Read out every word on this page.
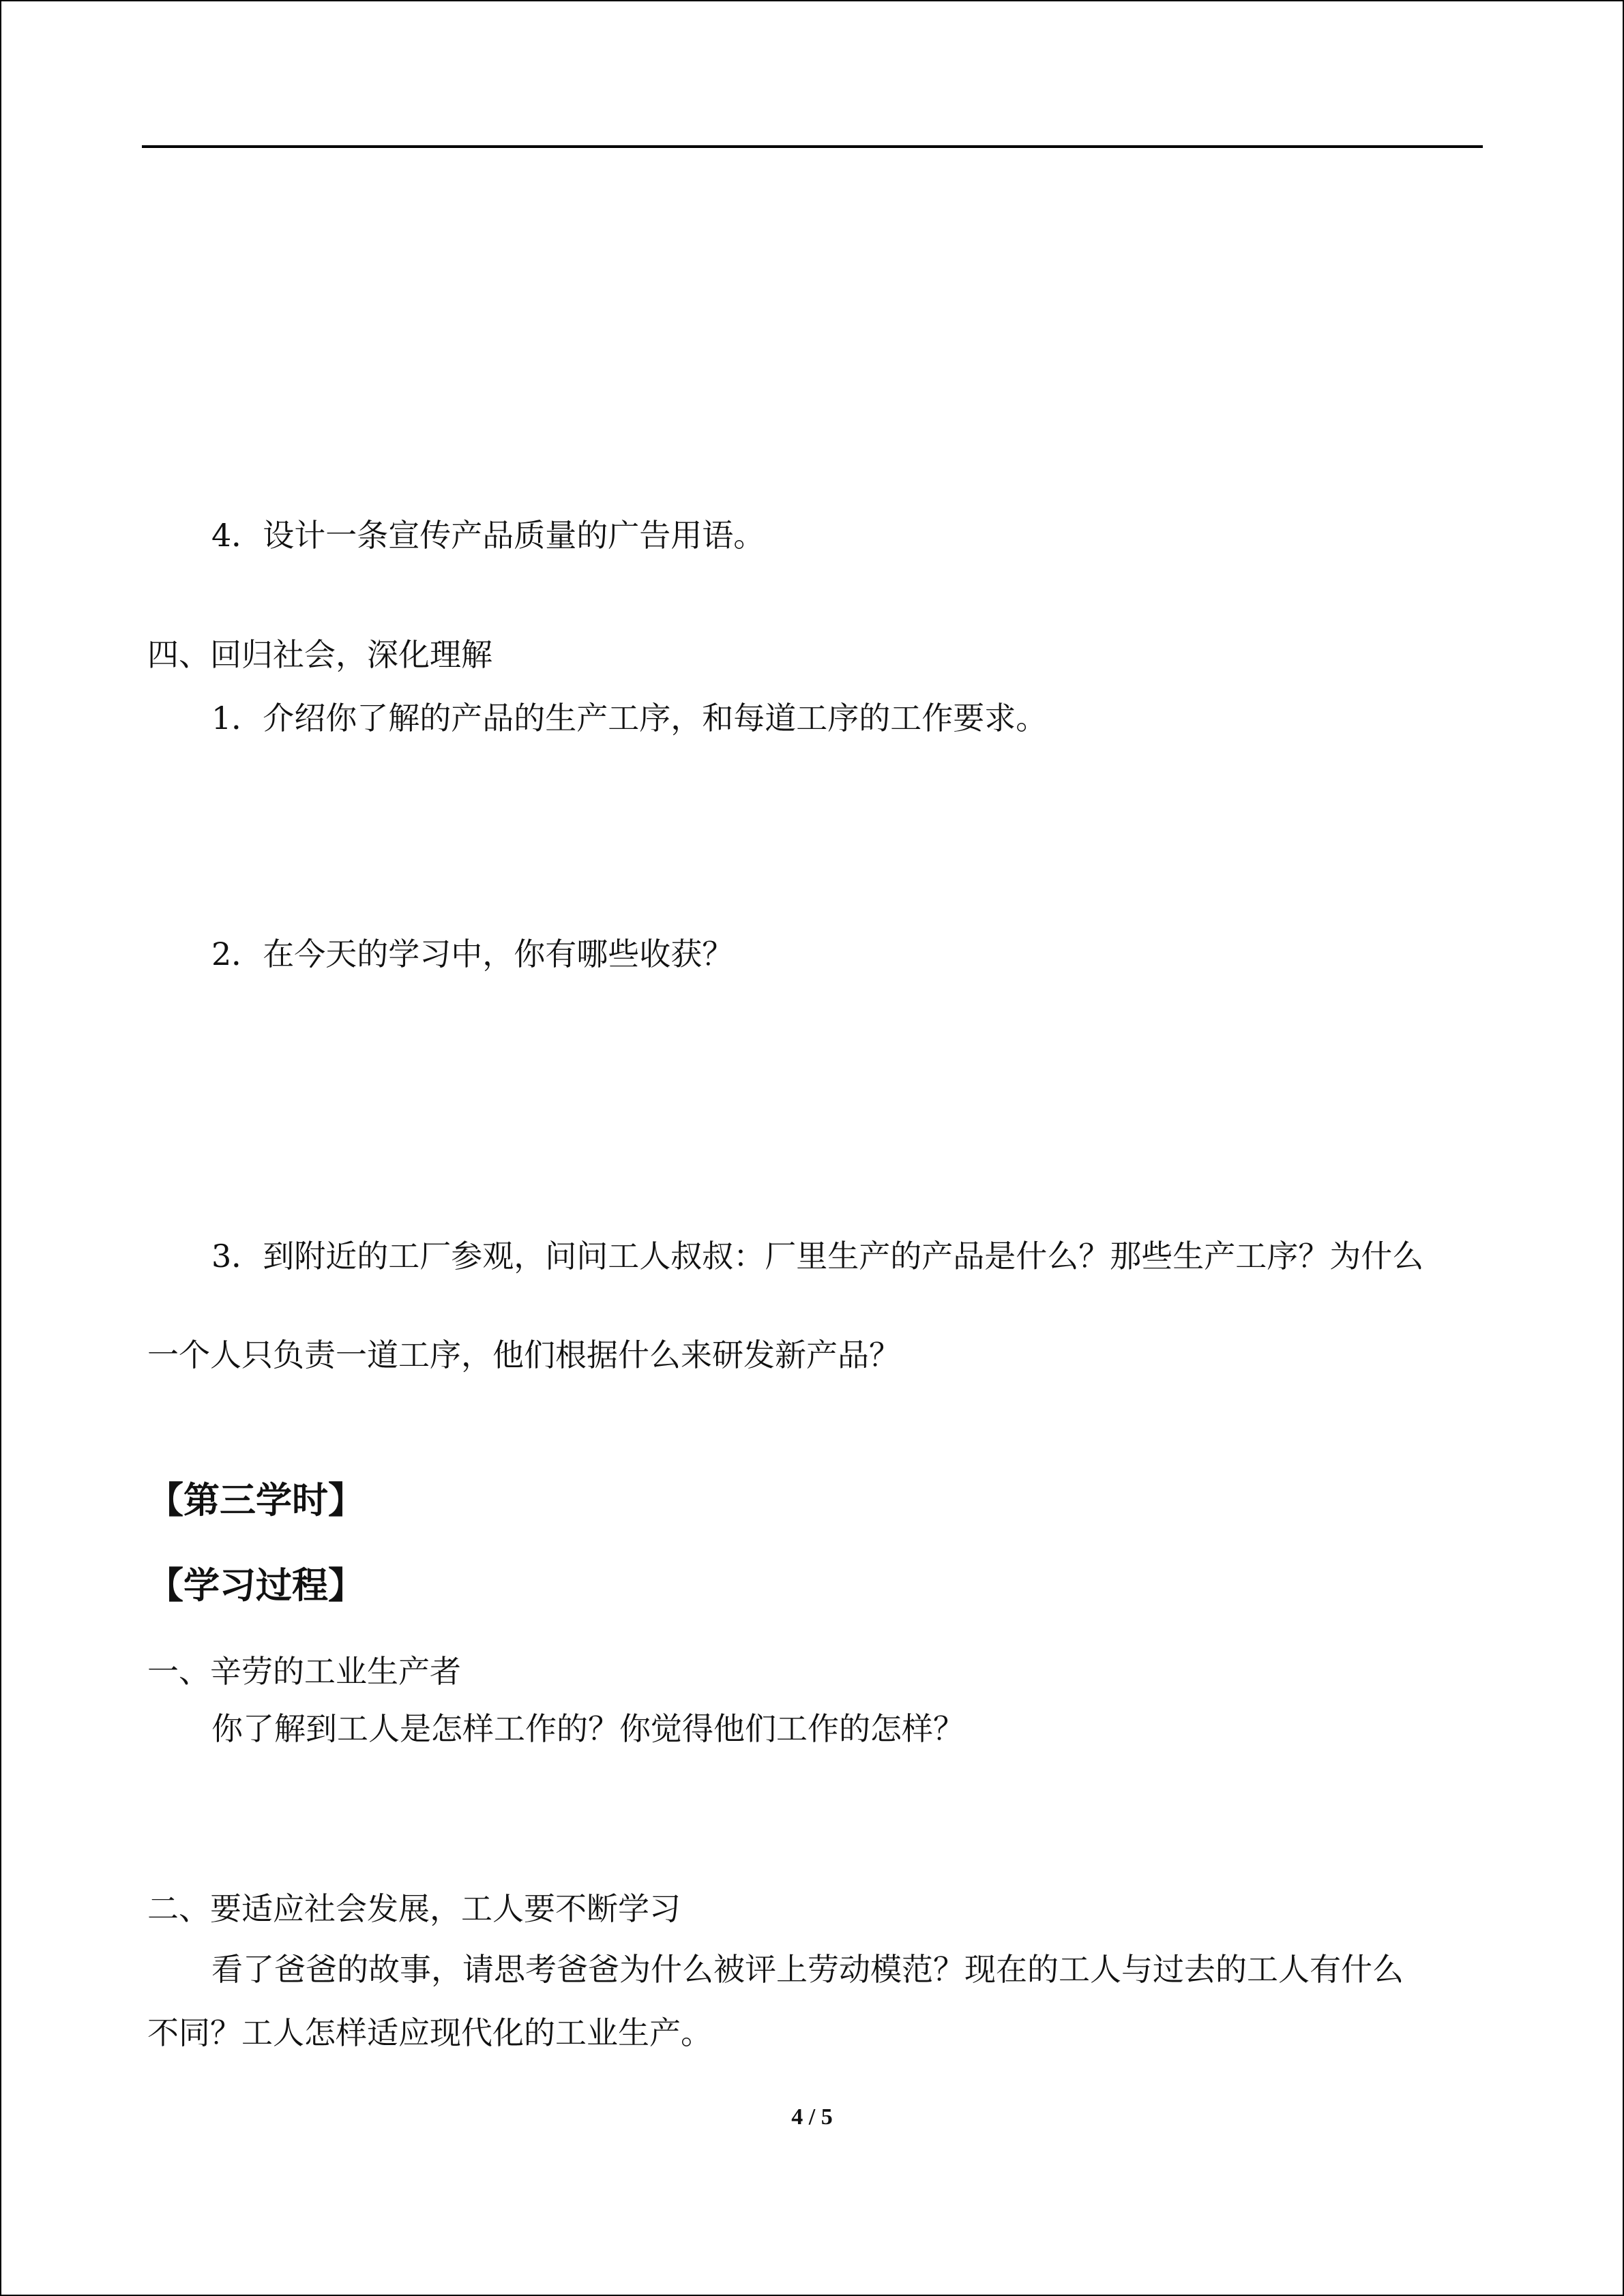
4．设计一条宣传产品质量的广告用语。
四、回归社会，深化理解
1．介绍你了解的产品的生产工序，和每道工序的工作要求。
2．在今天的学习中，你有哪些收获？
3．到附近的工厂参观，问问工人叔叔：厂里生产的产品是什么？那些生产工序？为什么
一个人只负责一道工序，他们根据什么来研发新产品？
【第三学时】
【学习过程】
一、辛劳的工业生产者
你了解到工人是怎样工作的？你觉得他们工作的怎样？
二、要适应社会发展，工人要不断学习
看了爸爸的故事，请思考爸爸为什么被评上劳动模范？现在的工人与过去的工人有什么
不同？工人怎样适应现代化的工业生产。
4 / 5
